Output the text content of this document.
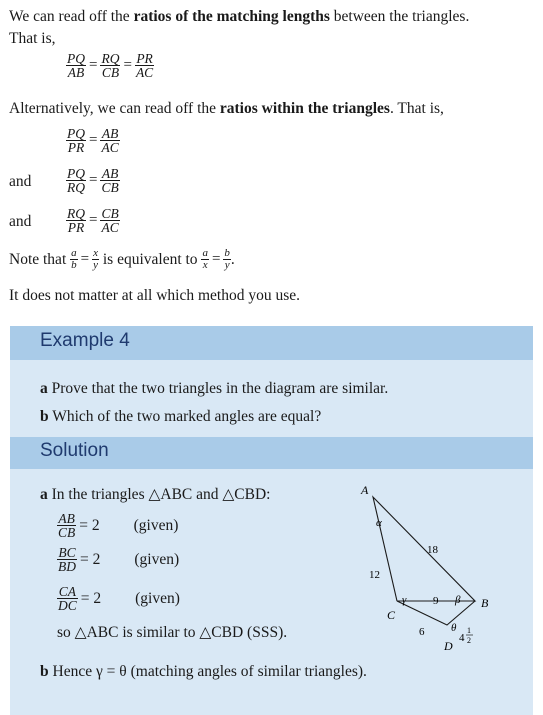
We can read off the ratios of the matching lengths between the triangles.
That is,
$\frac{PQ}{AB} = \frac{RQ}{CB} = \frac{PR}{AC}$
Alternatively, we can read off the ratios within the triangles. That is,
$\frac{PQ}{PR} = \frac{AB}{AC}$
and	$\frac{PQ}{RQ} = \frac{AB}{CB}$
and	$\frac{RQ}{PR} = \frac{CB}{AC}$
Note that
$\frac{a}{b} = \frac{x}{y}$
is equivalent to
$\frac{a}{x} = \frac{b}{y}$ .
It does not matter at all which method you use.
Example 4
a Prove that the two triangles in the diagram are similar.
b Which of the two marked angles are equal?
Solution
a In the triangles △ABC and △CBD:
$\frac{AB}{CB} = 2$ (given)
$\frac{BC}{BD} = 2$ (given)
$\frac{CA}{DC} = 2$ (given)
so △ABC is similar to △CBD (SSS).
b Hence γ = θ (matching angles of similar triangles).
A
C
B
D
α
γ	β
θ
12
18
9
6	4
1
2
